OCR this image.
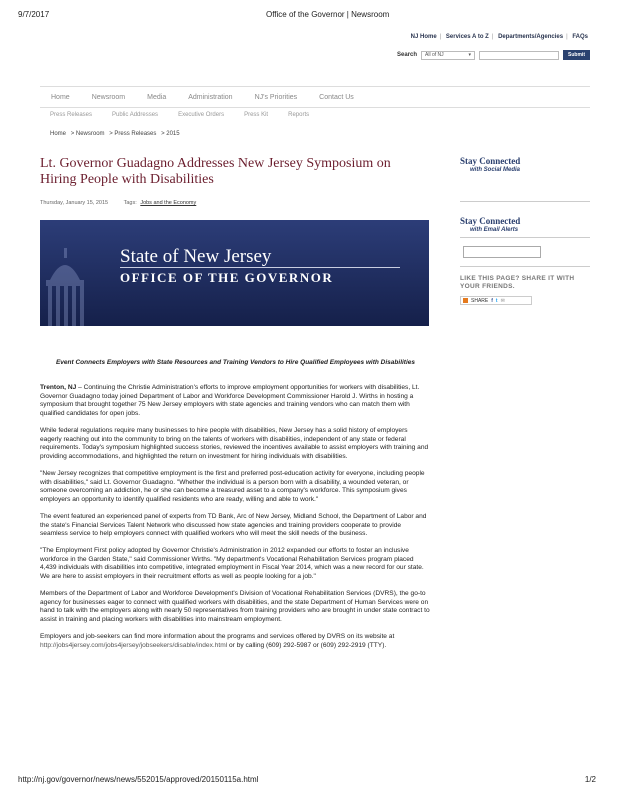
9/7/2017	Office of the Governor | Newsroom
NJ Home | Services A to Z | Departments/Agencies | FAQs
Search All of NJ	▾	Submit
Home	Newsroom	Media	Administration	NJ's Priorities	Contact Us
Press Releases	Public Addresses	Executive Orders	Press Kit	Reports
Home > Newsroom > Press Releases > 2015
Lt. Governor Guadagno Addresses New Jersey Symposium on Hiring People with Disabilities
Thursday, January 15, 2015	Tags: Jobs and the Economy
State of New Jersey
OFFICE OF THE GOVERNOR
Event Connects Employers with State Resources and Training Vendors to Hire Qualified Employees with Disabilities

Trenton, NJ – Continuing the Christie Administration's efforts to improve employment opportunities for workers with disabilities, Lt. Governor Guadagno today joined Department of Labor and Workforce Development Commissioner Harold J. Wirths in hosting a symposium that brought together 75 New Jersey employers with state agencies and training vendors who can match them with qualified candidates for open jobs.

While federal regulations require many businesses to hire people with disabilities, New Jersey has a solid history of employers eagerly reaching out into the community to bring on the talents of workers with disabilities, independent of any state or federal requirements. Today's symposium highlighted success stories, reviewed the incentives available to assist employers with training and providing accommodations, and highlighted the return on investment for hiring individuals with disabilities.

"New Jersey recognizes that competitive employment is the first and preferred post-education activity for everyone, including people with disabilities," said Lt. Governor Guadagno. "Whether the individual is a person born with a disability, a wounded veteran, or someone overcoming an addiction, he or she can become a treasured asset to a company's workforce. This symposium gives employers an opportunity to identify qualified residents who are ready, willing and able to work."

The event featured an experienced panel of experts from TD Bank, Arc of New Jersey, Midland School, the Department of Labor and the state's Financial Services Talent Network who discussed how state agencies and training providers cooperate to provide seamless service to help employers connect with qualified workers who will meet the skill needs of the business.

"The Employment First policy adopted by Governor Christie's Administration in 2012 expanded our efforts to foster an inclusive workforce in the Garden State," said Commissioner Wirths. "My department's Vocational Rehabilitation Services program placed 4,439 individuals with disabilities into competitive, integrated employment in Fiscal Year 2014, which was a new record for our state. We are here to assist employers in their recruitment efforts as well as people looking for a job."

Members of the Department of Labor and Workforce Development's Division of Vocational Rehabilitation Services (DVRS), the go-to agency for businesses eager to connect with qualified workers with disabilities, and the state Department of Human Services were on hand to talk with the employers along with nearly 50 representatives from training providers who are brought in under state contract to assist in training and placing workers with disabilities into mainstream employment.

Employers and job-seekers can find more information about the programs and services offered by DVRS on its website at http://jobs4jersey.com/jobs4jersey/jobseekers/disable/index.html or by calling (609) 292-5987 or (609) 292-2919 (TTY).

Stay Connected
with Social Media
Stay Connected
with Email Alerts
LIKE THIS PAGE? SHARE IT WITH YOUR FRIENDS.
SHARE f t ✉
http://nj.gov/governor/news/news/552015/approved/20150115a.html	1/2
